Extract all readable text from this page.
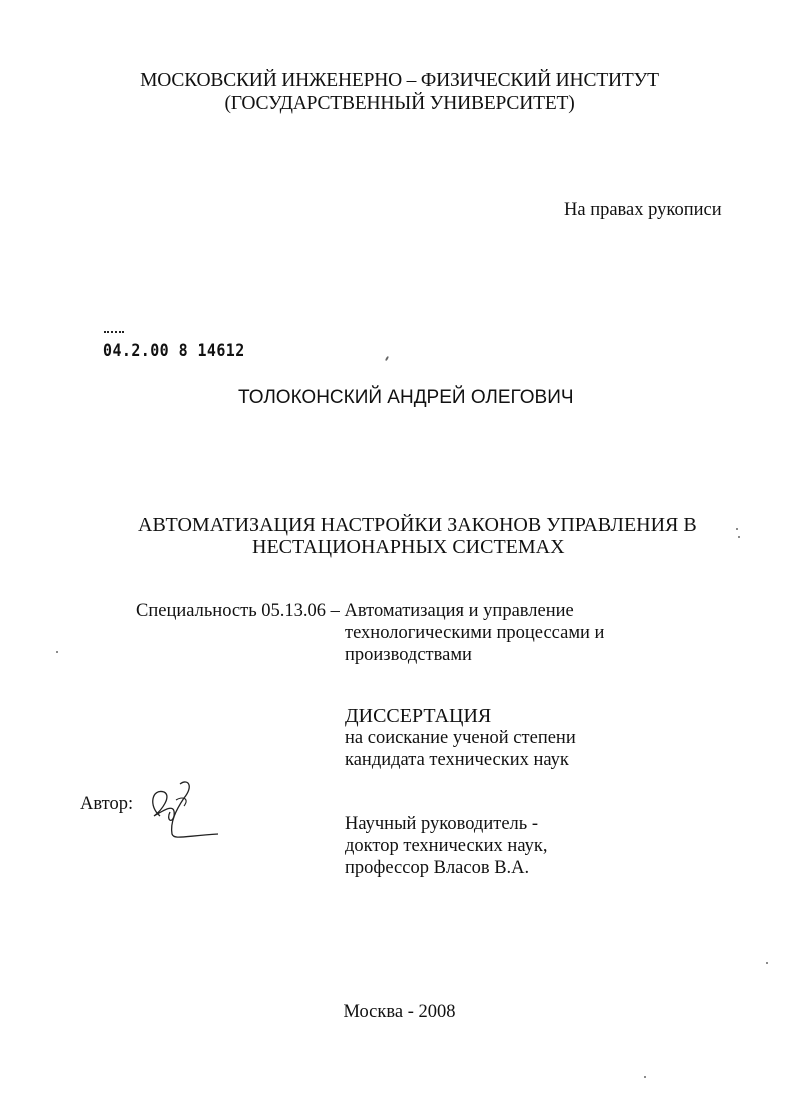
МОСКОВСКИЙ ИНЖЕНЕРНО – ФИЗИЧЕСКИЙ ИНСТИТУТ
(ГОСУДАРСТВЕННЫЙ УНИВЕРСИТЕТ)
На правах рукописи
04.2.00 8 14612
ТОЛОКОНСКИЙ АНДРЕЙ ОЛЕГОВИЧ
АВТОМАТИЗАЦИЯ НАСТРОЙКИ ЗАКОНОВ УПРАВЛЕНИЯ В
НЕСТАЦИОНАРНЫХ СИСТЕМАХ
Специальность 05.13.06 – Автоматизация и управление
технологическими процессами и
производствами
ДИССЕРТАЦИЯ
на соискание ученой степени
кандидата технических наук
Автор:
Научный руководитель -
доктор технических наук,
профессор Власов В.А.
Москва - 2008
